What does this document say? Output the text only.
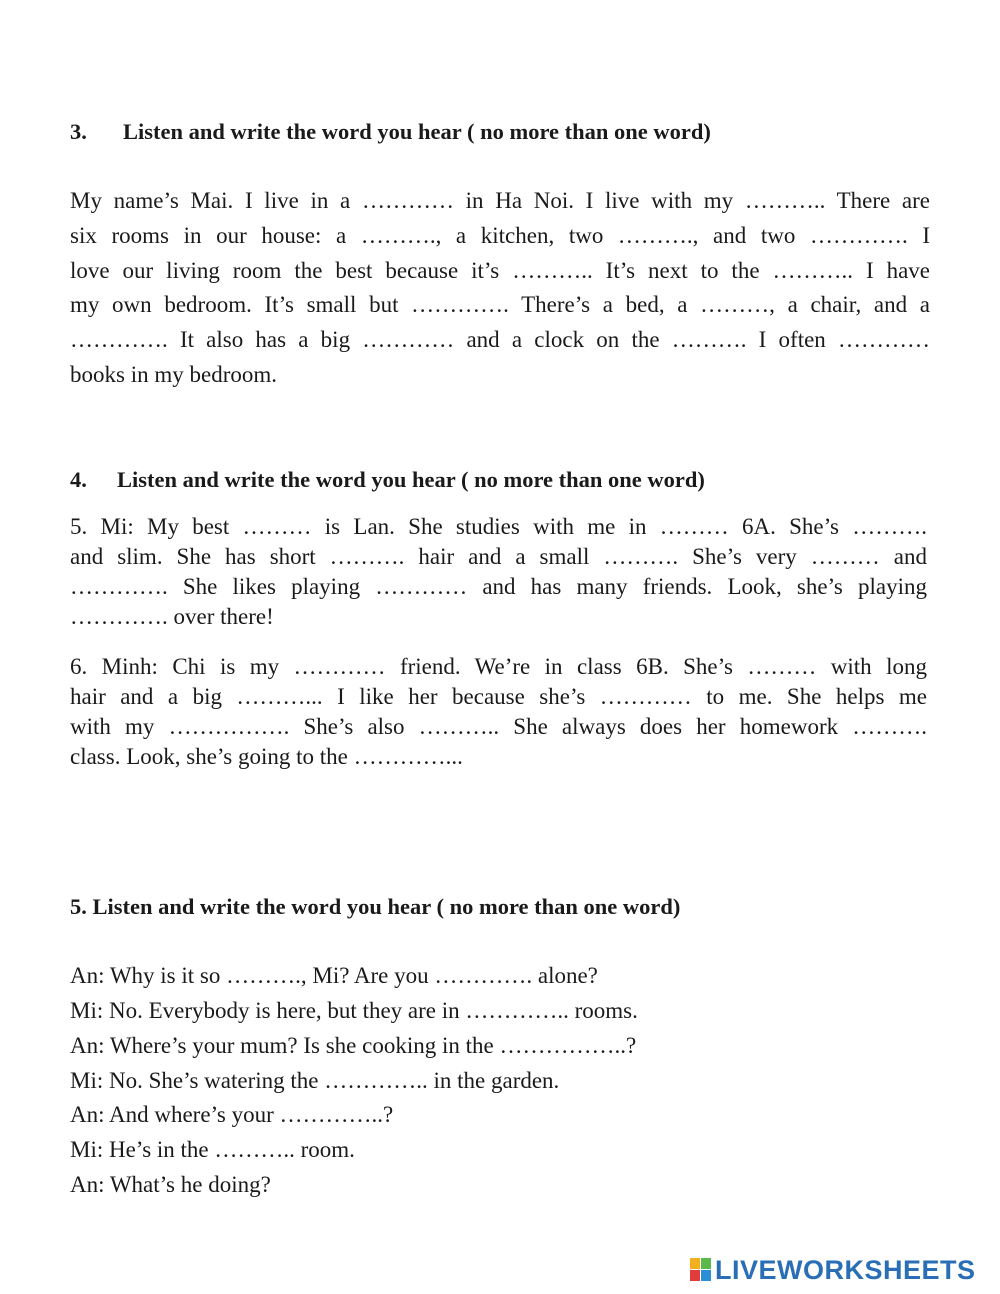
3. Listen and write the word you hear ( no more than one word)
My name’s Mai. I live in a ………… in Ha Noi. I live with my ……….. There are
six rooms in our house: a ………., a kitchen, two ………., and two …………. I
love our living room the best because it’s ……….. It’s next to the ……….. I have
my own bedroom. It’s small but …………. There’s a bed, a ………, a chair, and a
…………. It also has a big ………… and a clock on the ………. I often …………
books in my bedroom.
4. Listen and write the word you hear ( no more than one word)
5. Mi: My best ……… is Lan. She studies with me in ……… 6A. She’s ……….
and slim. She has short ………. hair and a small ………. She’s very ……… and
…………. She likes playing ………… and has many friends. Look, she’s playing
…………. over there!
6. Minh: Chi is my ………… friend. We’re in class 6B. She’s ……… with long
hair and a big ………... I like her because she’s ………… to me. She helps me
with my ……………. She’s also ……….. She always does her homework ……….
class. Look, she’s going to the …………...
5. Listen and write the word you hear ( no more than one word)
An: Why is it so ………., Mi? Are you …………. alone?
Mi: No. Everybody is here, but they are in ………….. rooms.
An: Where’s your mum? Is she cooking in the ……………..?
Mi: No. She’s watering the ………….. in the garden.
An: And where’s your …………..?
Mi: He’s in the ……….. room.
An: What’s he doing?
LIVEWORKSHEETS
